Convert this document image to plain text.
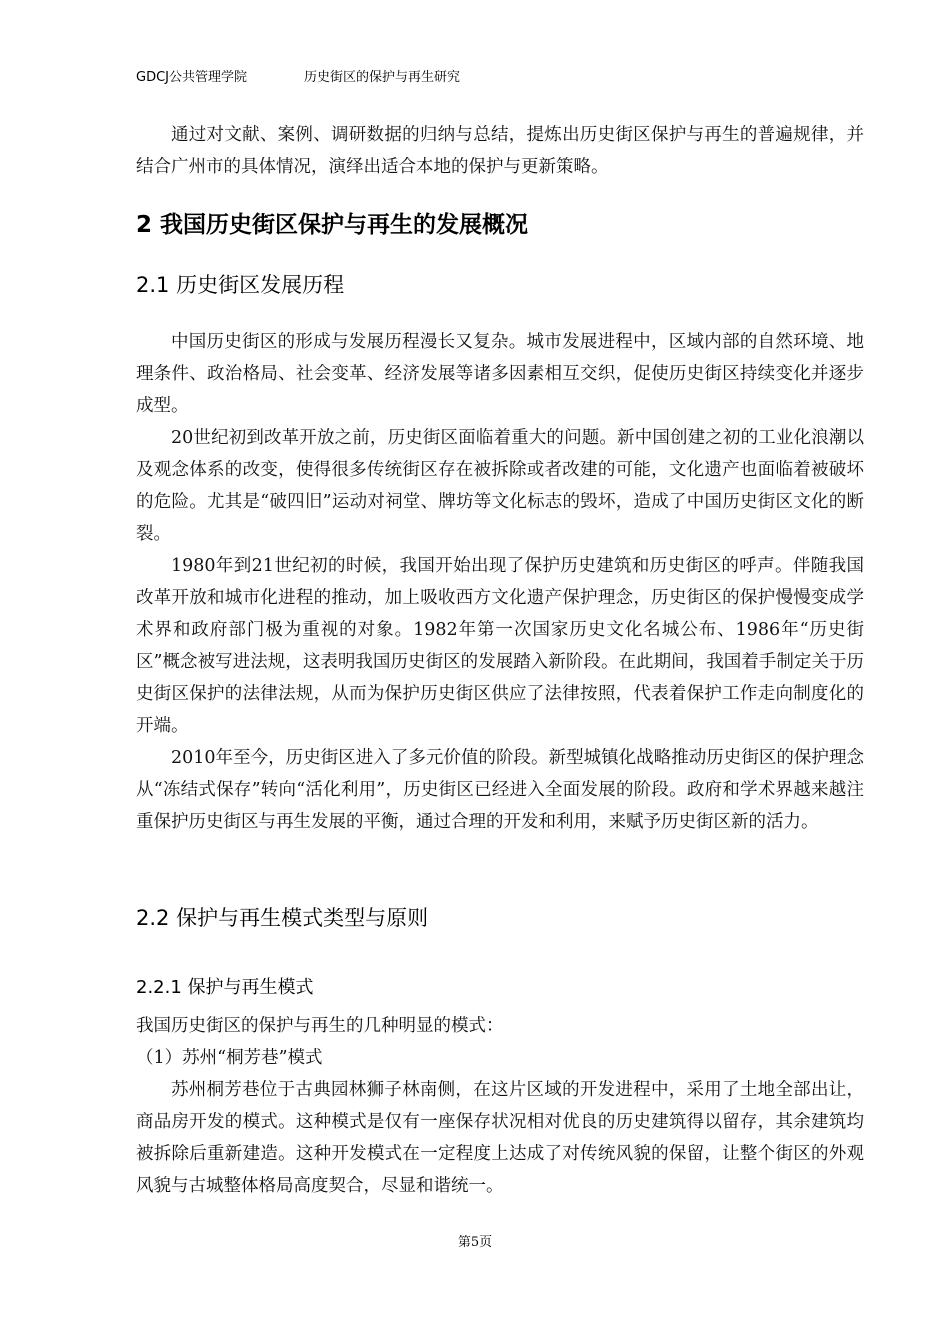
GDCJ公共管理学院	历史街区的保护与再生研究

通过对文献、案例、调研数据的归纳与总结，提炼出历史街区保护与再生的普遍规律，并结合广州市的具体情况，演绎出适合本地的保护与更新策略。

2 我国历史街区保护与再生的发展概况
2.1 历史街区发展历程

中国历史街区的形成与发展历程漫长又复杂。城市发展进程中，区域内部的自然环境、地理条件、政治格局、社会变革、经济发展等诸多因素相互交织，促使历史街区持续变化并逐步成型。

20世纪初到改革开放之前，历史街区面临着重大的问题。新中国创建之初的工业化浪潮以及观念体系的改变，使得很多传统街区存在被拆除或者改建的可能，文化遗产也面临着被破坏的危险。尤其是“破四旧”运动对祠堂、牌坊等文化标志的毁坏，造成了中国历史街区文化的断裂。

1980年到21世纪初的时候，我国开始出现了保护历史建筑和历史街区的呼声。伴随我国改革开放和城市化进程的推动，加上吸收西方文化遗产保护理念，历史街区的保护慢慢变成学术界和政府部门极为重视的对象。1982年第一次国家历史文化名城公布、1986年“历史街区”概念被写进法规，这表明我国历史街区的发展踏入新阶段。在此期间，我国着手制定关于历史街区保护的法律法规，从而为保护历史街区供应了法律按照，代表着保护工作走向制度化的开端。

2010年至今，历史街区进入了多元价值的阶段。新型城镇化战略推动历史街区的保护理念从“冻结式保存”转向“活化利用”，历史街区已经进入全面发展的阶段。政府和学术界越来越注重保护历史街区与再生发展的平衡，通过合理的开发和利用，来赋予历史街区新的活力。

2.2 保护与再生模式类型与原则
2.2.1 保护与再生模式

我国历史街区的保护与再生的几种明显的模式：

（1）苏州“桐芳巷”模式

苏州桐芳巷位于古典园林狮子林南侧，在这片区域的开发进程中，采用了土地全部出让，商品房开发的模式。这种模式是仅有一座保存状况相对优良的历史建筑得以留存，其余建筑均被拆除后重新建造。这种开发模式在一定程度上达成了对传统风貌的保留，让整个街区的外观风貌与古城整体格局高度契合，尽显和谐统一。

第5页
